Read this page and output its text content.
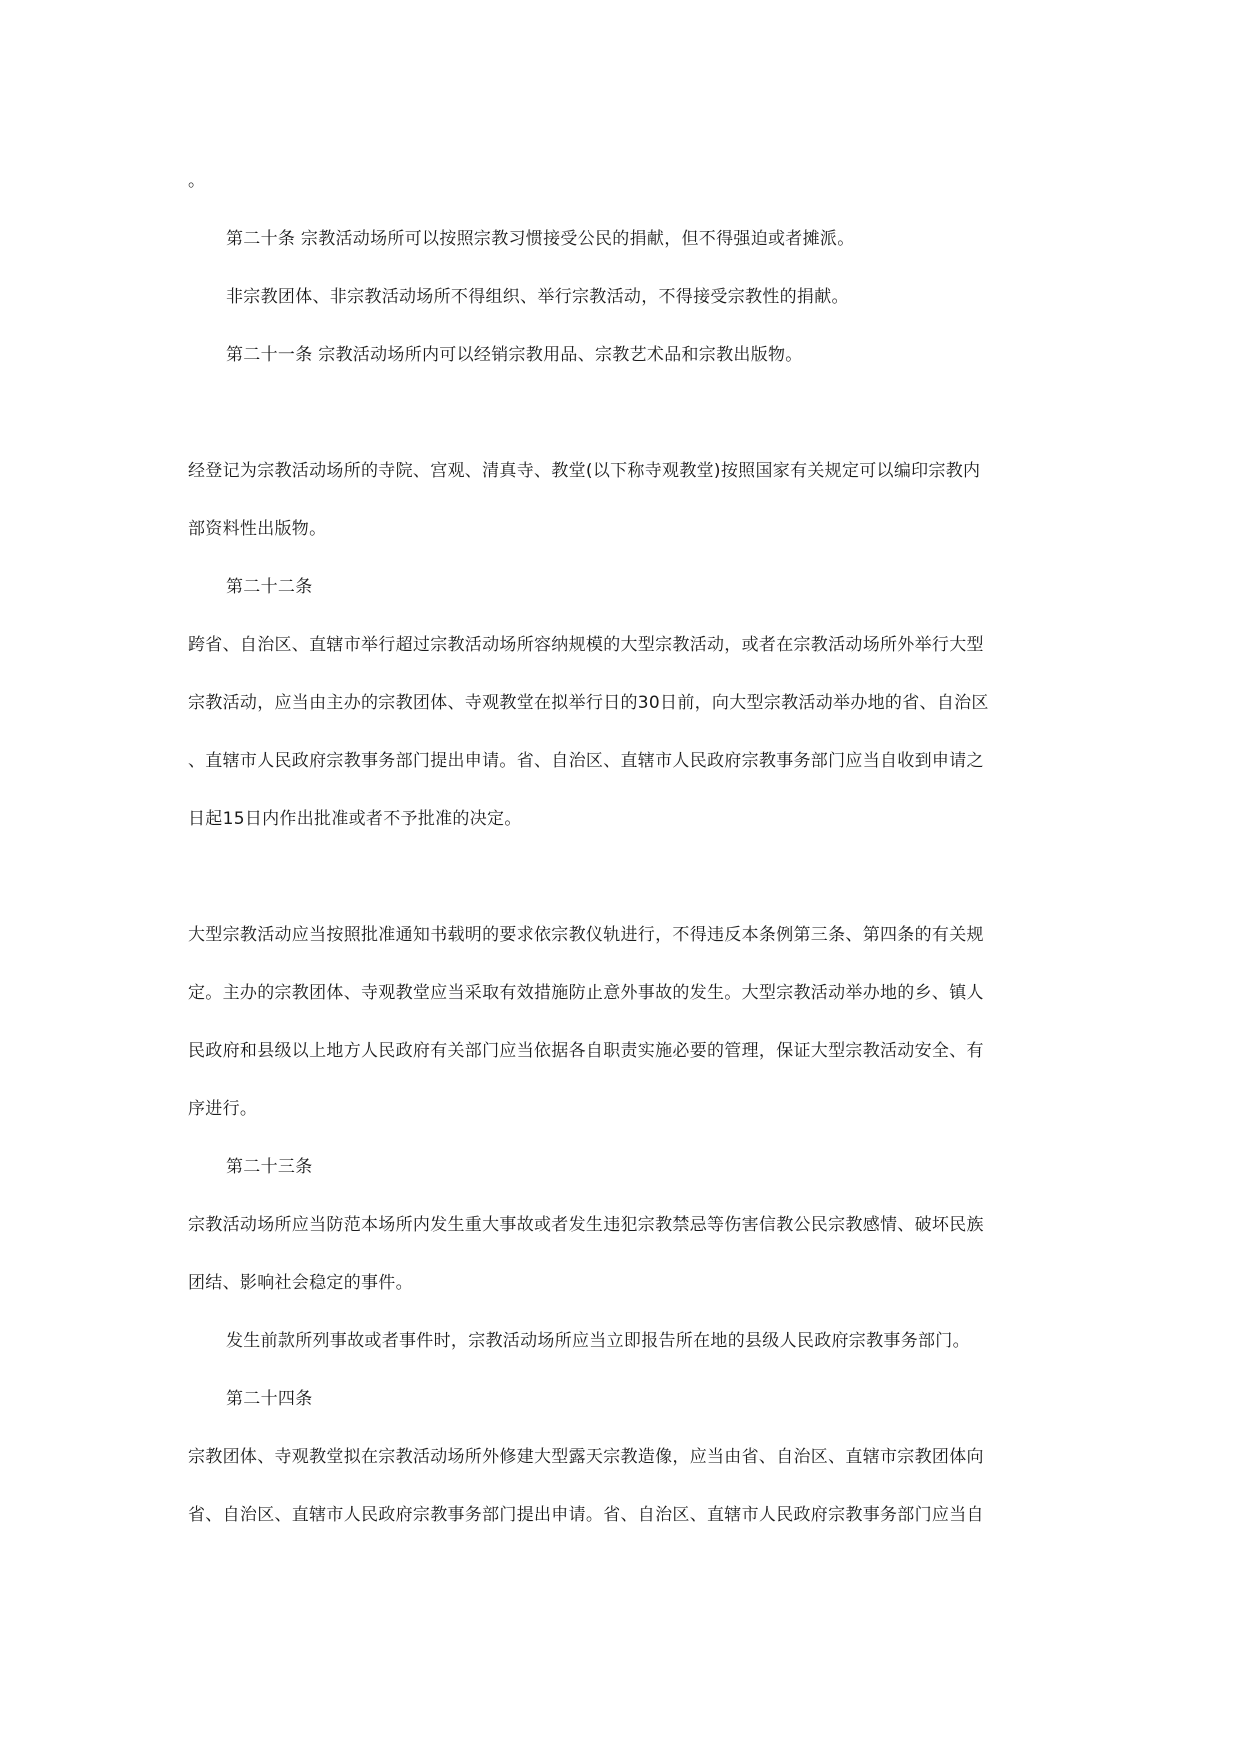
。
第二十条 宗教活动场所可以按照宗教习惯接受公民的捐献，但不得强迫或者摊派。
非宗教团体、非宗教活动场所不得组织、举行宗教活动，不得接受宗教性的捐献。
第二十一条 宗教活动场所内可以经销宗教用品、宗教艺术品和宗教出版物。
经登记为宗教活动场所的寺院、宫观、清真寺、教堂(以下称寺观教堂)按照国家有关规定可以编印宗教内
部资料性出版物。
第二十二条
跨省、自治区、直辖市举行超过宗教活动场所容纳规模的大型宗教活动，或者在宗教活动场所外举行大型
宗教活动，应当由主办的宗教团体、寺观教堂在拟举行日的30日前，向大型宗教活动举办地的省、自治区
、直辖市人民政府宗教事务部门提出申请。省、自治区、直辖市人民政府宗教事务部门应当自收到申请之
日起15日内作出批准或者不予批准的决定。
大型宗教活动应当按照批准通知书载明的要求依宗教仪轨进行，不得违反本条例第三条、第四条的有关规
定。主办的宗教团体、寺观教堂应当采取有效措施防止意外事故的发生。大型宗教活动举办地的乡、镇人
民政府和县级以上地方人民政府有关部门应当依据各自职责实施必要的管理，保证大型宗教活动安全、有
序进行。
第二十三条
宗教活动场所应当防范本场所内发生重大事故或者发生违犯宗教禁忌等伤害信教公民宗教感情、破坏民族
团结、影响社会稳定的事件。
发生前款所列事故或者事件时，宗教活动场所应当立即报告所在地的县级人民政府宗教事务部门。
第二十四条
宗教团体、寺观教堂拟在宗教活动场所外修建大型露天宗教造像，应当由省、自治区、直辖市宗教团体向
省、自治区、直辖市人民政府宗教事务部门提出申请。省、自治区、直辖市人民政府宗教事务部门应当自
